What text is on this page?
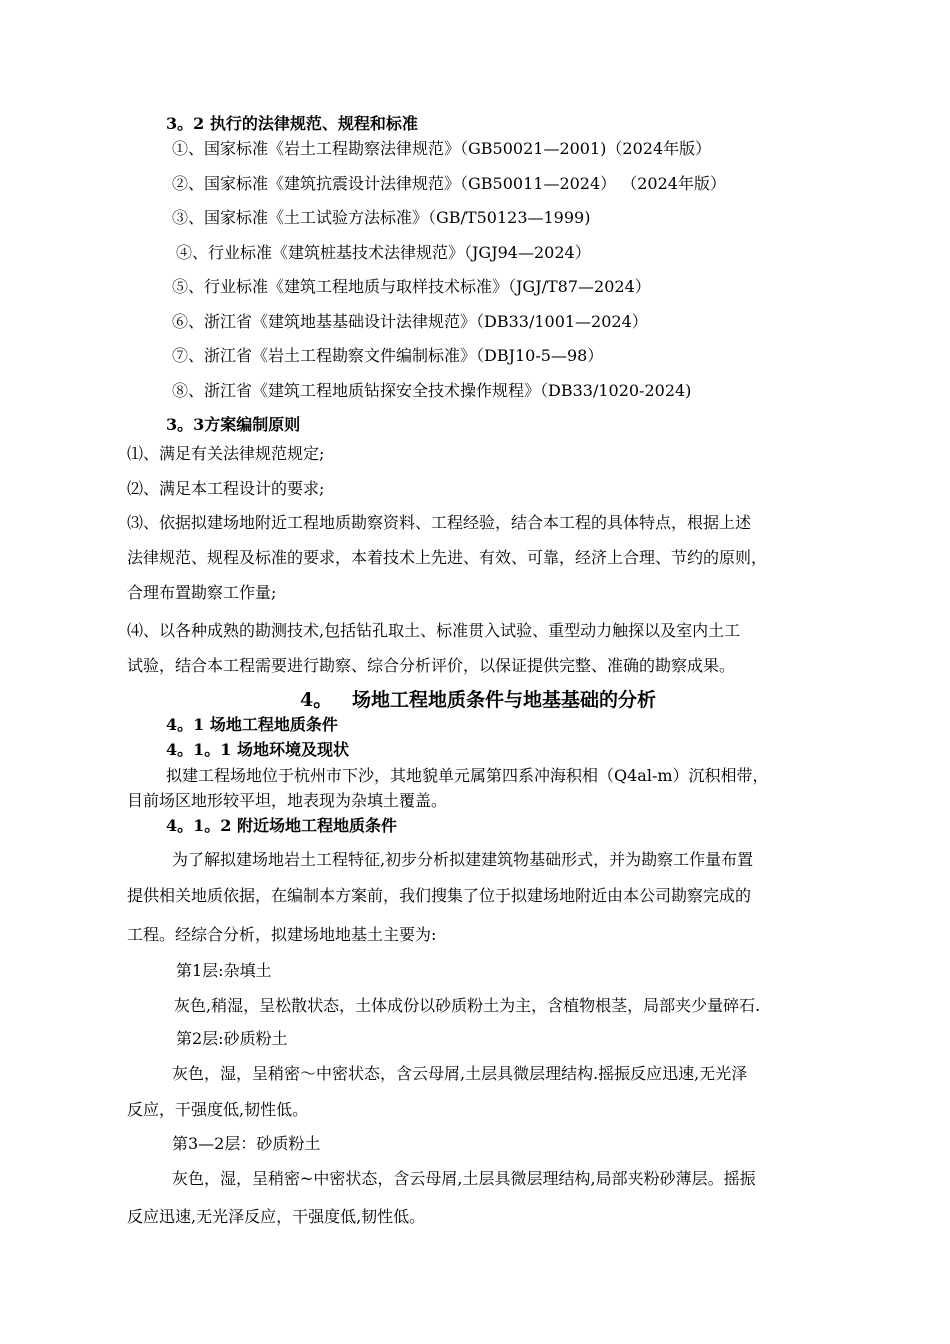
3。2 执行的法律规范、规程和标准
①、国家标准《岩土工程勘察法律规范》（GB50021—2001)（2024年版）
②、国家标准《建筑抗震设计法律规范》（GB50011—2024） （2024年版）
③、国家标准《土工试验方法标准》（GB/T50123—1999)
④、行业标准《建筑桩基技术法律规范》（JGJ94—2024）
⑤、行业标准《建筑工程地质与取样技术标准》（JGJ/T87—2024）
⑥、浙江省《建筑地基基础设计法律规范》（DB33/1001—2024）
⑦、浙江省《岩土工程勘察文件编制标准》（DBJ10-5—98）
⑧、浙江省《建筑工程地质钻探安全技术操作规程》（DB33/1020-2024)
3。3方案编制原则
⑴、满足有关法律规范规定;
⑵、满足本工程设计的要求;
⑶、依据拟建场地附近工程地质勘察资料、工程经验，结合本工程的具体特点，根据上述
法律规范、规程及标准的要求，本着技术上先进、有效、可靠，经济上合理、节约的原则，
合理布置勘察工作量;
⑷、以各种成熟的勘测技术,包括钻孔取土、标准贯入试验、重型动力触探以及室内土工
试验，结合本工程需要进行勘察、综合分析评价，以保证提供完整、准确的勘察成果。
4。 场地工程地质条件与地基基础的分析
4。1 场地工程地质条件
4。1。1 场地环境及现状
拟建工程场地位于杭州市下沙，其地貌单元属第四系冲海积相（Q4al-m）沉积相带，
目前场区地形较平坦，地表现为杂填土覆盖。
4。1。2 附近场地工程地质条件
为了解拟建场地岩土工程特征,初步分析拟建建筑物基础形式，并为勘察工作量布置
提供相关地质依据，在编制本方案前，我们搜集了位于拟建场地附近由本公司勘察完成的
工程。经综合分析，拟建场地地基土主要为:
第1层:杂填土
灰色,稍湿，呈松散状态，土体成份以砂质粉土为主，含植物根茎，局部夹少量碎石.
第2层:砂质粉土
灰色，湿，呈稍密～中密状态，含云母屑,土层具微层理结构.摇振反应迅速,无光泽
反应，干强度低,韧性低。
第3—2层：砂质粉土
灰色，湿，呈稍密~中密状态，含云母屑,土层具微层理结构,局部夹粉砂薄层。摇振
反应迅速,无光泽反应，干强度低,韧性低。
